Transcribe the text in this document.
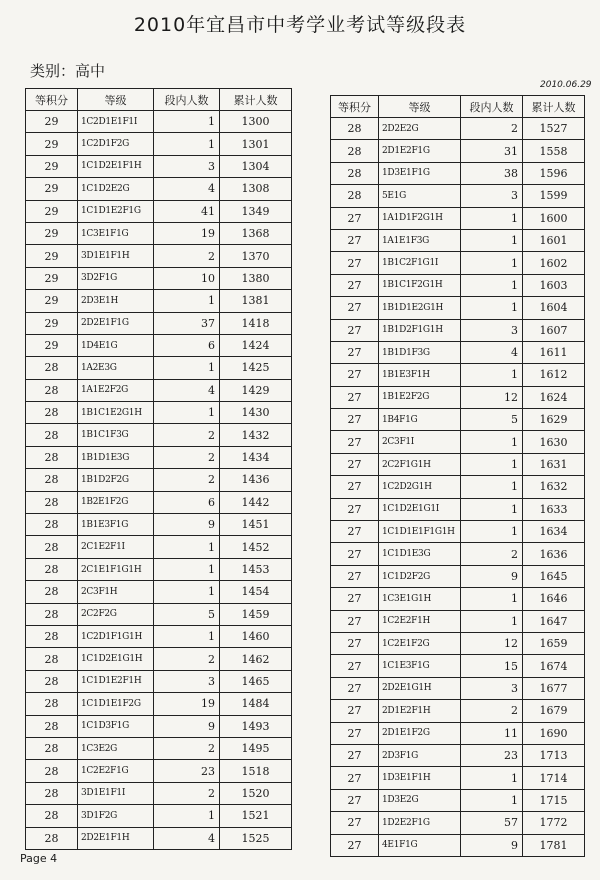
2010年宜昌市中考学业考试等级段表
类别：高中
2010.06.29
等积分	等级	段内人数	累计人数
29	1C2D1E1F1I	1	1300
29	1C2D1F2G	1	1301
29	1C1D2E1F1H	3	1304
29	1C1D2E2G	4	1308
29	1C1D1E2F1G	41	1349
29	1C3E1F1G	19	1368
29	3D1E1F1H	2	1370
29	3D2F1G	10	1380
29	2D3E1H	1	1381
29	2D2E1F1G	37	1418
29	1D4E1G	6	1424
28	1A2E3G	1	1425
28	1A1E2F2G	4	1429
28	1B1C1E2G1H	1	1430
28	1B1C1F3G	2	1432
28	1B1D1E3G	2	1434
28	1B1D2F2G	2	1436
28	1B2E1F2G	6	1442
28	1B1E3F1G	9	1451
28	2C1E2F1I	1	1452
28	2C1E1F1G1H	1	1453
28	2C3F1H	1	1454
28	2C2F2G	5	1459
28	1C2D1F1G1H	1	1460
28	1C1D2E1G1H	2	1462
28	1C1D1E2F1H	3	1465
28	1C1D1E1F2G	19	1484
28	1C1D3F1G	9	1493
28	1C3E2G	2	1495
28	1C2E2F1G	23	1518
28	3D1E1F1I	2	1520
28	3D1F2G	1	1521
28	2D2E1F1H	4	1525
等积分	等级	段内人数	累计人数
28	2D2E2G	2	1527
28	2D1E2F1G	31	1558
28	1D3E1F1G	38	1596
28	5E1G	3	1599
27	1A1D1F2G1H	1	1600
27	1A1E1F3G	1	1601
27	1B1C2F1G1I	1	1602
27	1B1C1F2G1H	1	1603
27	1B1D1E2G1H	1	1604
27	1B1D2F1G1H	3	1607
27	1B1D1F3G	4	1611
27	1B1E3F1H	1	1612
27	1B1E2F2G	12	1624
27	1B4F1G	5	1629
27	2C3F1I	1	1630
27	2C2F1G1H	1	1631
27	1C2D2G1H	1	1632
27	1C1D2E1G1I	1	1633
27	1C1D1E1F1G1H	1	1634
27	1C1D1E3G	2	1636
27	1C1D2F2G	9	1645
27	1C3E1G1H	1	1646
27	1C2E2F1H	1	1647
27	1C2E1F2G	12	1659
27	1C1E3F1G	15	1674
27	2D2E1G1H	3	1677
27	2D1E2F1H	2	1679
27	2D1E1F2G	11	1690
27	2D3F1G	23	1713
27	1D3E1F1H	1	1714
27	1D3E2G	1	1715
27	1D2E2F1G	57	1772
27	4E1F1G	9	1781
Page 4
